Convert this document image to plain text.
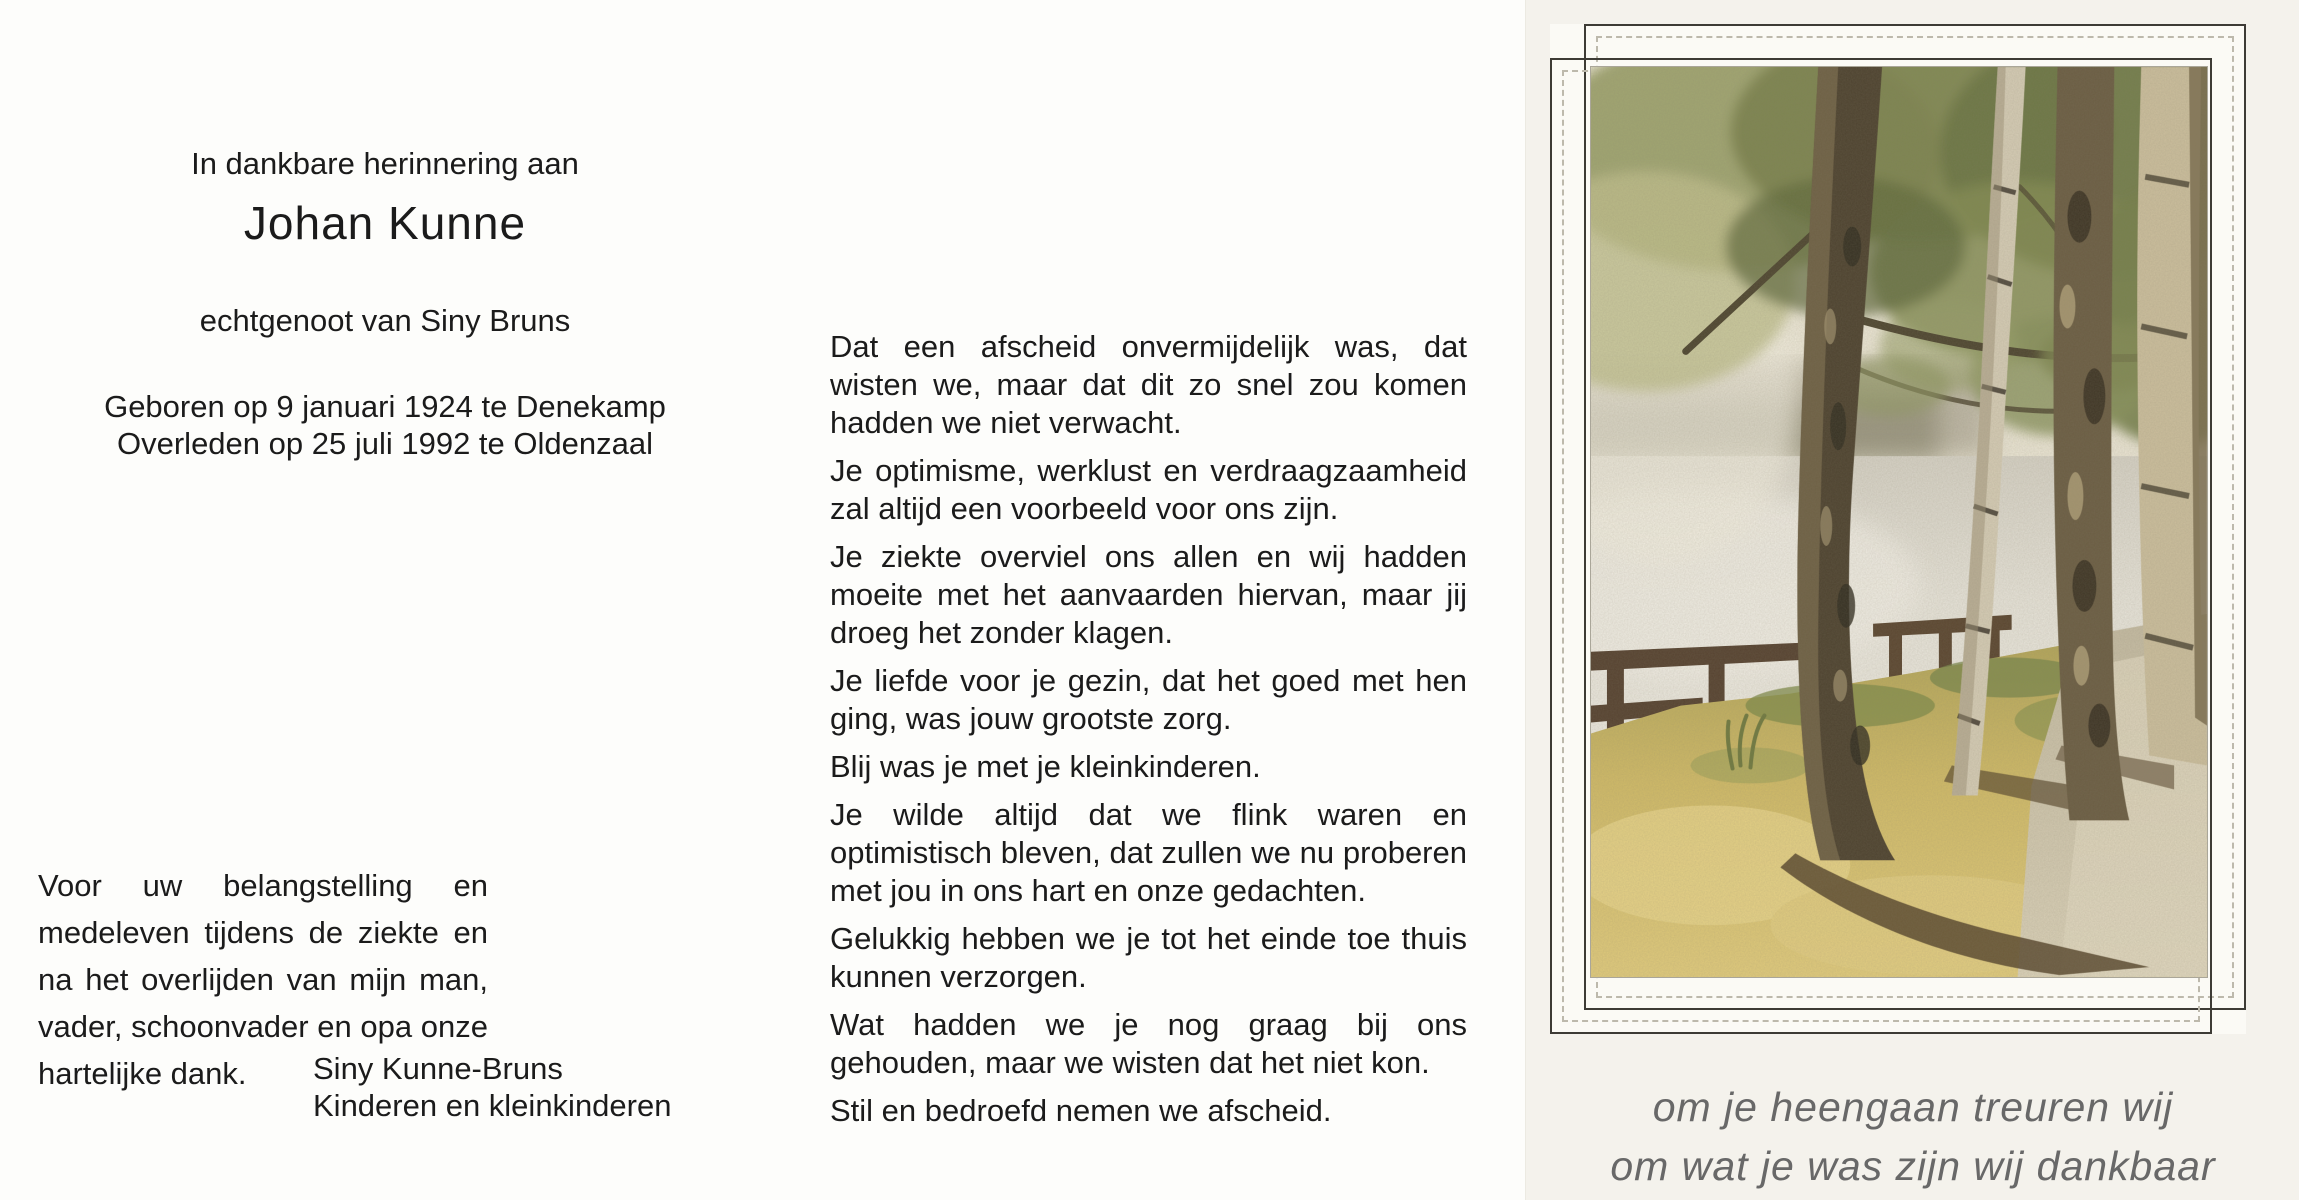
In dankbare herinnering aan

Johan Kunne

echtgenoot van Siny Bruns

Geboren op 9 januari 1924 te Denekamp
Overleden op 25 juli 1992 te Oldenzaal

Voor uw belangstelling en medeleven tijdens de ziekte en na het overlijden van mijn man, vader, schoonvader en opa onze hartelijke dank.	Siny Kunne-Bruns
Kinderen en kleinkinderen

Dat een afscheid onvermijdelijk was, dat wisten we, maar dat dit zo snel zou komen hadden we niet verwacht.

Je optimisme, werklust en verdraagzaamheid zal altijd een voorbeeld voor ons zijn.

Je ziekte overviel ons allen en wij hadden moeite met het aanvaarden hiervan, maar jij droeg het zonder klagen.

Je liefde voor je gezin, dat het goed met hen ging, was jouw grootste zorg.

Blij was je met je kleinkinderen.

Je wilde altijd dat we flink waren en optimistisch bleven, dat zullen we nu proberen met jou in ons hart en onze gedachten.

Gelukkig hebben we je tot het einde toe thuis kunnen verzorgen.

Wat hadden we je nog graag bij ons gehouden, maar we wisten dat het niet kon.

Stil en bedroefd nemen we afscheid.	om je heengaan treuren wij
om wat je was zijn wij dankbaar
